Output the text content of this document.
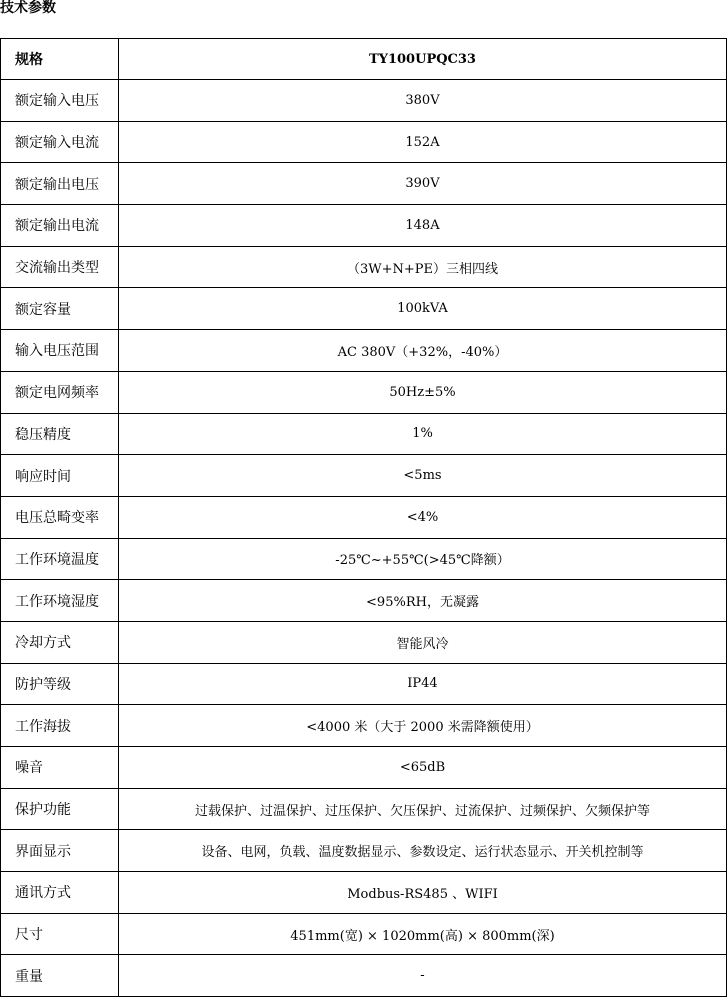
技术参数
规格	TY100UPQC33
额定输入电压	380V
额定输入电流	152A
额定输出电压	390V
额定输出电流	148A
交流输出类型	（3W+N+PE）三相四线
额定容量	100kVA
输入电压范围	AC 380V（+32%，-40%）
额定电网频率	50Hz±5%
稳压精度	1%
响应时间	<5ms
电压总畸变率	<4%
工作环境温度	-25℃~+55℃(>45℃降额）
工作环境湿度	<95%RH，无凝露
冷却方式	智能风冷
防护等级	IP44
工作海拔	<4000 米（大于 2000 米需降额使用）
噪音	<65dB
保护功能	过载保护、过温保护、过压保护、欠压保护、过流保护、过频保护、欠频保护等
界面显示	设备、电网，负载、温度数据显示、参数设定、运行状态显示、开关机控制等
通讯方式	Modbus-RS485 、WIFI
尺寸	451mm(宽) × 1020mm(高) × 800mm(深)
重量	-
